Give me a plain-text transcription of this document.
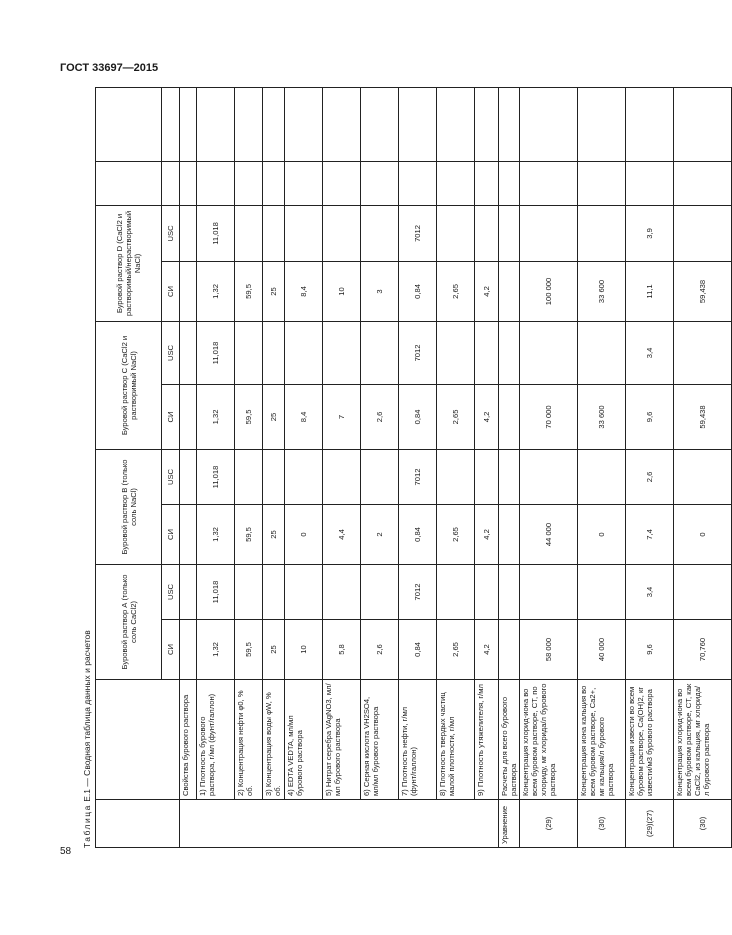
ГОСТ 33697—2015
58
Таблица Е.1 — Сводная таблица данных и расчетов
		Буровой раствор А (только соль CaCl2)		Буровой раствор В (только соль NaCl)		Буровой раствор С (CaCl2 и растворимый NaCl)		Буровой раствор D (CaCl2 и растворимый/нерастворимый NaCl)			
		СИ	USC	СИ	USC	СИ	USC	СИ	USC		
	Свойства бурового раствора										
	1) Плотность бурового раствора, г/мл (фунт/галлон)	1,32	11,018	1,32	11,018	1,32	11,018	1,32	11,018		
	2) Концентрация нефти φ0, % об.	59,5		59,5		59,5		59,5			
	3) Концентрация воды φW, % об.	25		25		25		25			
	4) EDTA VEDTA, мл/мл бурового раствора	10		0		8,4		8,4			
	5) Нитрат серебра VAgNO3, мл/мл бурового раствора	5,8		4,4		7		10			
	6) Серная кислота VH2SO4, мл/мл бурового раствора	2,6		2		2,6		3			
	7) Плотность нефти, г/мл (фунт/галлон)	0,84	7012	0,84	7012	0,84	7012	0,84	7012		
	8) Плотность твердых частиц малой плотности, г/мл	2,65		2,65		2,65		2,65			
	9) Плотность утяжелителя, г/мл	4,2		4,2		4,2		4,2			
Уравнение	Расчеты для всего бурового раствора										
(29)	Концентрация хлорид-иона во всем буровом растворе, CT, по хлориду, мг хлорида/л бурового раствора	58 000		44 000		70 000		100 000			
(30)	Концентрация иона кальция во всем буровом растворе, Ca2+, мг кальция/л бурового раствора	40 000		0		33 600		33 600			
(29)(27)	Концентрация извести во всем буровом растворе, Ca(OH)2, кг извести/м3 бурового раствора	9,6	3,4	7,4	2,6	9,6	3,4	11,1	3,9		
(30)	Концентрация хлорид-иона во всем буровом растворе, CT, как CaCl2, из кальция, мг хлорида/л бурового раствора	70,760		0		59,438		59,438			
